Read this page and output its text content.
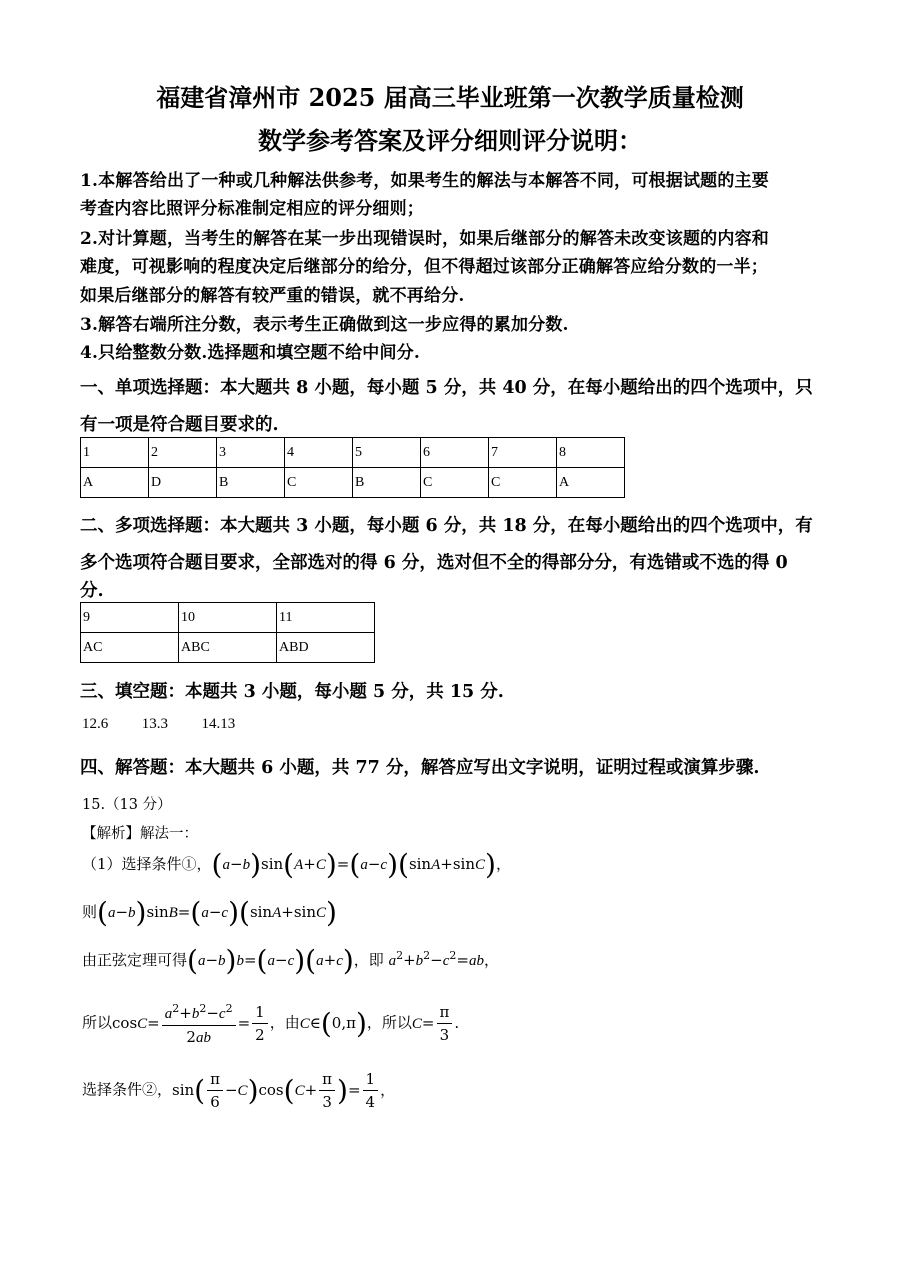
福建省漳州市 2025 届高三毕业班第一次教学质量检测
数学参考答案及评分细则评分说明：
1.本解答给出了一种或几种解法供参考，如果考生的解法与本解答不同，可根据试题的主要
考查内容比照评分标准制定相应的评分细则；
2.对计算题，当考生的解答在某一步出现错误时，如果后继部分的解答未改变该题的内容和
难度，可视影响的程度决定后继部分的给分，但不得超过该部分正确解答应给分数的一半；
如果后继部分的解答有较严重的错误，就不再给分.
3.解答右端所注分数，表示考生正确做到这一步应得的累加分数.
4.只给整数分数.选择题和填空题不给中间分.
一、单项选择题：本大题共 8 小题，每小题 5 分，共 40 分，在每小题给出的四个选项中，只
有一项是符合题目要求的.
1	2	3	4	5	6	7	8
A	D	B	C	B	C	C	A
二、多项选择题：本大题共 3 小题，每小题 6 分，共 18 分，在每小题给出的四个选项中，有
多个选项符合题目要求，全部选对的得 6 分，选对但不全的得部分分，有选错或不选的得 0
分.
9	10	11
AC	ABC	ABD
三、填空题：本题共 3 小题，每小题 5 分，共 15 分.
12.6 13.3 14.13
四、解答题：本大题共 6 小题，共 77 分，解答应写出文字说明，证明过程或演算步骤.
15.（13 分）
【解析】解法一：
（1）选择条件①，(a−b)sin(A+C)=(a−c)(sinA+sinC)，
则(a−b)sinB=(a−c)(sinA+sinC)
由正弦定理可得(a−b)b=(a−c)(a+c)，即 $a^2+b^2-c^2=ab$，
所以$\cos C= \frac{a^2+b^2-c^2}{2ab} = \frac{1}{2}$ ，由C∈(0,π)，所以$C= \frac{\pi}{3}$ .
选择条件②，$\sin( \frac{\pi}{6} -C)\cos(C+ \frac{\pi}{3}$ )= $\frac{1}{4}$ ，
